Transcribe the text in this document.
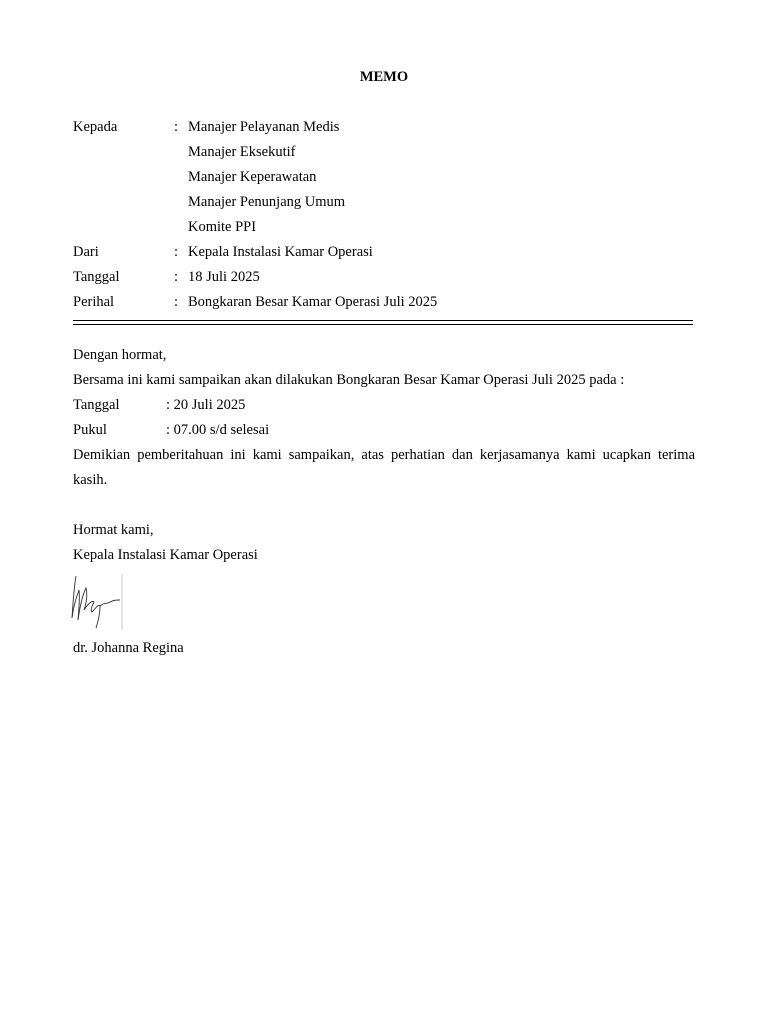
MEMO
Kepada	: Manajer Pelayanan Medis
Manajer Eksekutif
Manajer Keperawatan
Manajer Penunjang Umum
Komite PPI
Dari	: Kepala Instalasi Kamar Operasi
Tanggal	: 18 Juli 2025
Perihal	: Bongkaran Besar Kamar Operasi Juli 2025
Dengan hormat,
Bersama ini kami sampaikan akan dilakukan Bongkaran Besar Kamar Operasi Juli 2025 pada :
Tanggal	: 20 Juli 2025
Pukul	: 07.00 s/d selesai
Demikian pemberitahuan ini kami sampaikan, atas perhatian dan kerjasamanya kami ucapkan terima kasih.
Hormat kami,
Kepala Instalasi Kamar Operasi
dr. Johanna Regina
